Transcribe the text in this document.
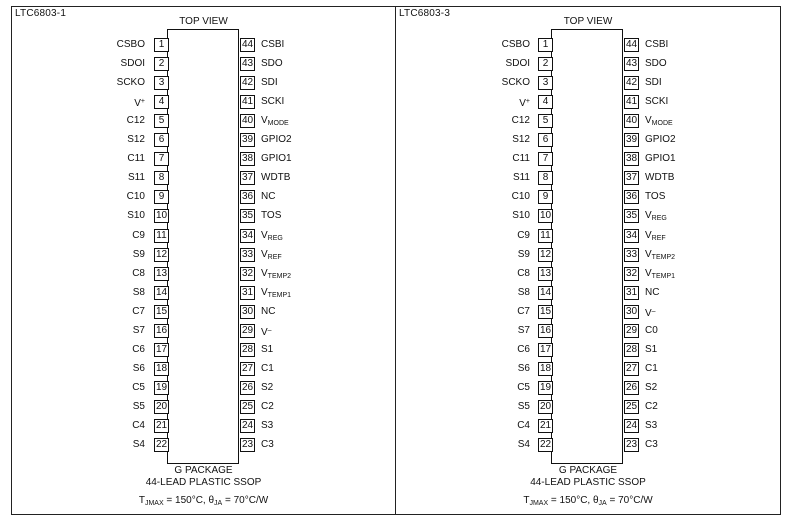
LTC6803-1
TOP VIEW
1
CSBO
2
SDOI
3
SCKO
4
V+
5
C12
6
S12
7
C11
8
S11
9
C10
10
S10
11
C9
12
S9
13
C8
14
S8
15
C7
16
S7
17
C6
18
S6
19
C5
20
S5
21
C4
22
S4
44 CSBI
43 SDO
42 SDI
41 SCKI
40 $V_{MODE}$
39 GPIO2
38 GPIO1
37 WDTB
36 NC
35 TOS
34 $V_{REG}$
33 $V_{REF}$
32 $V_{TEMP2}$
31 $V_{TEMP1}$
30 NC
29 V–
28 S1
27 C1
26 S2
25 C2
24 S3
23 C3
G PACKAGE
44-LEAD PLASTIC SSOP
$T_{JMAX} = 150^\circ C$, $\theta_{JA} = 70^\circ C/W$
LTC6803-3
TOP VIEW
1
CSBO
2
SDOI
3
SCKO
4
V+
5
C12
6
S12
7
C11
8
S11
9
C10
10
S10
11
C9
12
S9
13
C8
14
S8
15
C7
16
S7
17
C6
18
S6
19
C5
20
S5
21
C4
22
S4
44 CSBI
43 SDO
42 SDI
41 SCKI
40 $V_{MODE}$
39 GPIO2
38 GPIO1
37 WDTB
36 TOS
35 $V_{REG}$
34 $V_{REF}$
33 $V_{TEMP2}$
32 $V_{TEMP1}$
31 NC
30 V–
29 C0
28 S1
27 C1
26 S2
25 C2
24 S3
23 C3
G PACKAGE
44-LEAD PLASTIC SSOP
$T_{JMAX} = 150^\circ C$, $\theta_{JA} = 70^\circ C/W$
